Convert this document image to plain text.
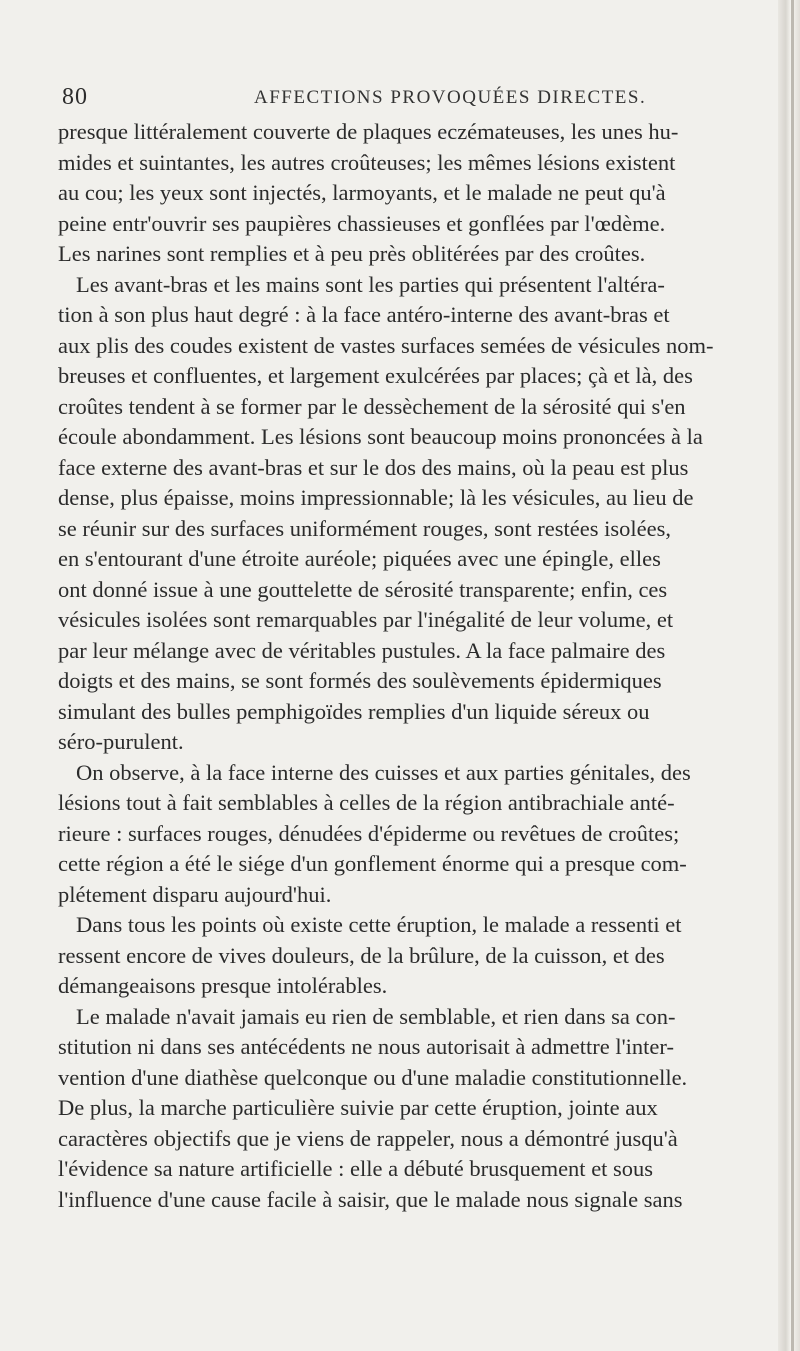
80	AFFECTIONS PROVOQUÉES DIRECTES.
presque littéralement couverte de plaques eczémateuses, les unes hu-
mides et suintantes, les autres croûteuses; les mêmes lésions existent
au cou; les yeux sont injectés, larmoyants, et le malade ne peut qu'à
peine entr'ouvrir ses paupières chassieuses et gonflées par l'œdème.
Les narines sont remplies et à peu près oblitérées par des croûtes.
Les avant-bras et les mains sont les parties qui présentent l'altéra-
tion à son plus haut degré : à la face antéro-interne des avant-bras et
aux plis des coudes existent de vastes surfaces semées de vésicules nom-
breuses et confluentes, et largement exulcérées par places; çà et là, des
croûtes tendent à se former par le dessèchement de la sérosité qui s'en
écoule abondamment. Les lésions sont beaucoup moins prononcées à la
face externe des avant-bras et sur le dos des mains, où la peau est plus
dense, plus épaisse, moins impressionnable; là les vésicules, au lieu de
se réunir sur des surfaces uniformément rouges, sont restées isolées,
en s'entourant d'une étroite auréole; piquées avec une épingle, elles
ont donné issue à une gouttelette de sérosité transparente; enfin, ces
vésicules isolées sont remarquables par l'inégalité de leur volume, et
par leur mélange avec de véritables pustules. A la face palmaire des
doigts et des mains, se sont formés des soulèvements épidermiques
simulant des bulles pemphigoïdes remplies d'un liquide séreux ou
séro-purulent.
On observe, à la face interne des cuisses et aux parties génitales, des
lésions tout à fait semblables à celles de la région antibrachiale anté-
rieure : surfaces rouges, dénudées d'épiderme ou revêtues de croûtes;
cette région a été le siége d'un gonflement énorme qui a presque com-
plétement disparu aujourd'hui.
Dans tous les points où existe cette éruption, le malade a ressenti et
ressent encore de vives douleurs, de la brûlure, de la cuisson, et des
démangeaisons presque intolérables.
Le malade n'avait jamais eu rien de semblable, et rien dans sa con-
stitution ni dans ses antécédents ne nous autorisait à admettre l'inter-
vention d'une diathèse quelconque ou d'une maladie constitutionnelle.
De plus, la marche particulière suivie par cette éruption, jointe aux
caractères objectifs que je viens de rappeler, nous a démontré jusqu'à
l'évidence sa nature artificielle : elle a débuté brusquement et sous
l'influence d'une cause facile à saisir, que le malade nous signale sans
